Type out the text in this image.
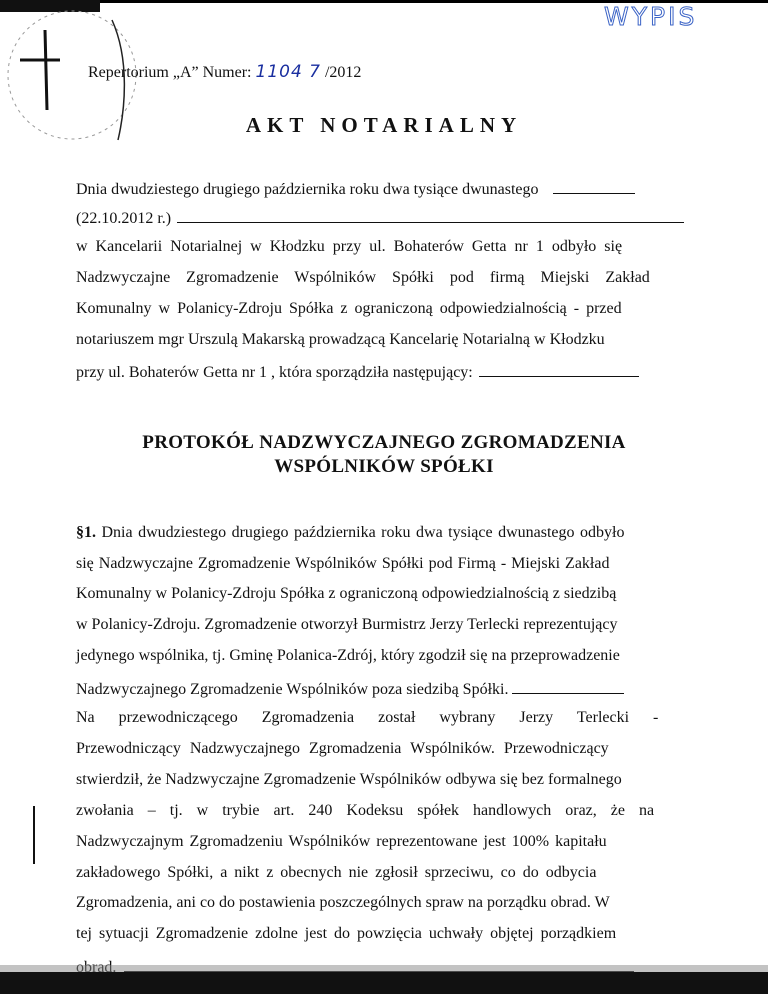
WYPIS
Repertorium „A” Numer: 1104 7 /2012
AKT NOTARIALNY
Dnia dwudziestego drugiego października roku dwa tysiące dwunastego
(22.10.2012 r.)
w Kancelarii Notarialnej w Kłodzku przy ul. Bohaterów Getta nr 1 odbyło się
Nadzwyczajne Zgromadzenie Wspólników Spółki pod firmą Miejski Zakład
Komunalny w Polanicy-Zdroju Spółka z ograniczoną odpowiedzialnością - przed
notariuszem mgr Urszulą Makarską prowadzącą Kancelarię Notarialną w Kłodzku
przy ul. Bohaterów Getta nr 1 , która sporządziła następujący:
PROTOKÓŁ NADZWYCZAJNEGO ZGROMADZENIA
WSPÓLNIKÓW SPÓŁKI
§1. Dnia dwudziestego drugiego października roku dwa tysiące dwunastego odbyło
się Nadzwyczajne Zgromadzenie Wspólników Spółki pod Firmą - Miejski Zakład
Komunalny w Polanicy-Zdroju Spółka z ograniczoną odpowiedzialnością z siedzibą
w Polanicy-Zdroju. Zgromadzenie otworzył Burmistrz Jerzy Terlecki reprezentujący
jedynego wspólnika, tj. Gminę Polanica-Zdrój, który zgodził się na przeprowadzenie
Nadzwyczajnego Zgromadzenie Wspólników poza siedzibą Spółki.
Na przewodniczącego Zgromadzenia został wybrany Jerzy Terlecki -
Przewodniczący Nadzwyczajnego Zgromadzenia Wspólników. Przewodniczący
stwierdził, że Nadzwyczajne Zgromadzenie Wspólników odbywa się bez formalnego
zwołania – tj. w trybie art. 240 Kodeksu spółek handlowych oraz, że na
Nadzwyczajnym Zgromadzeniu Wspólników reprezentowane jest 100% kapitału
zakładowego Spółki, a nikt z obecnych nie zgłosił sprzeciwu, co do odbycia
Zgromadzenia, ani co do postawienia poszczególnych spraw na porządku obrad. W
tej sytuacji Zgromadzenie zdolne jest do powzięcia uchwały objętej porządkiem
